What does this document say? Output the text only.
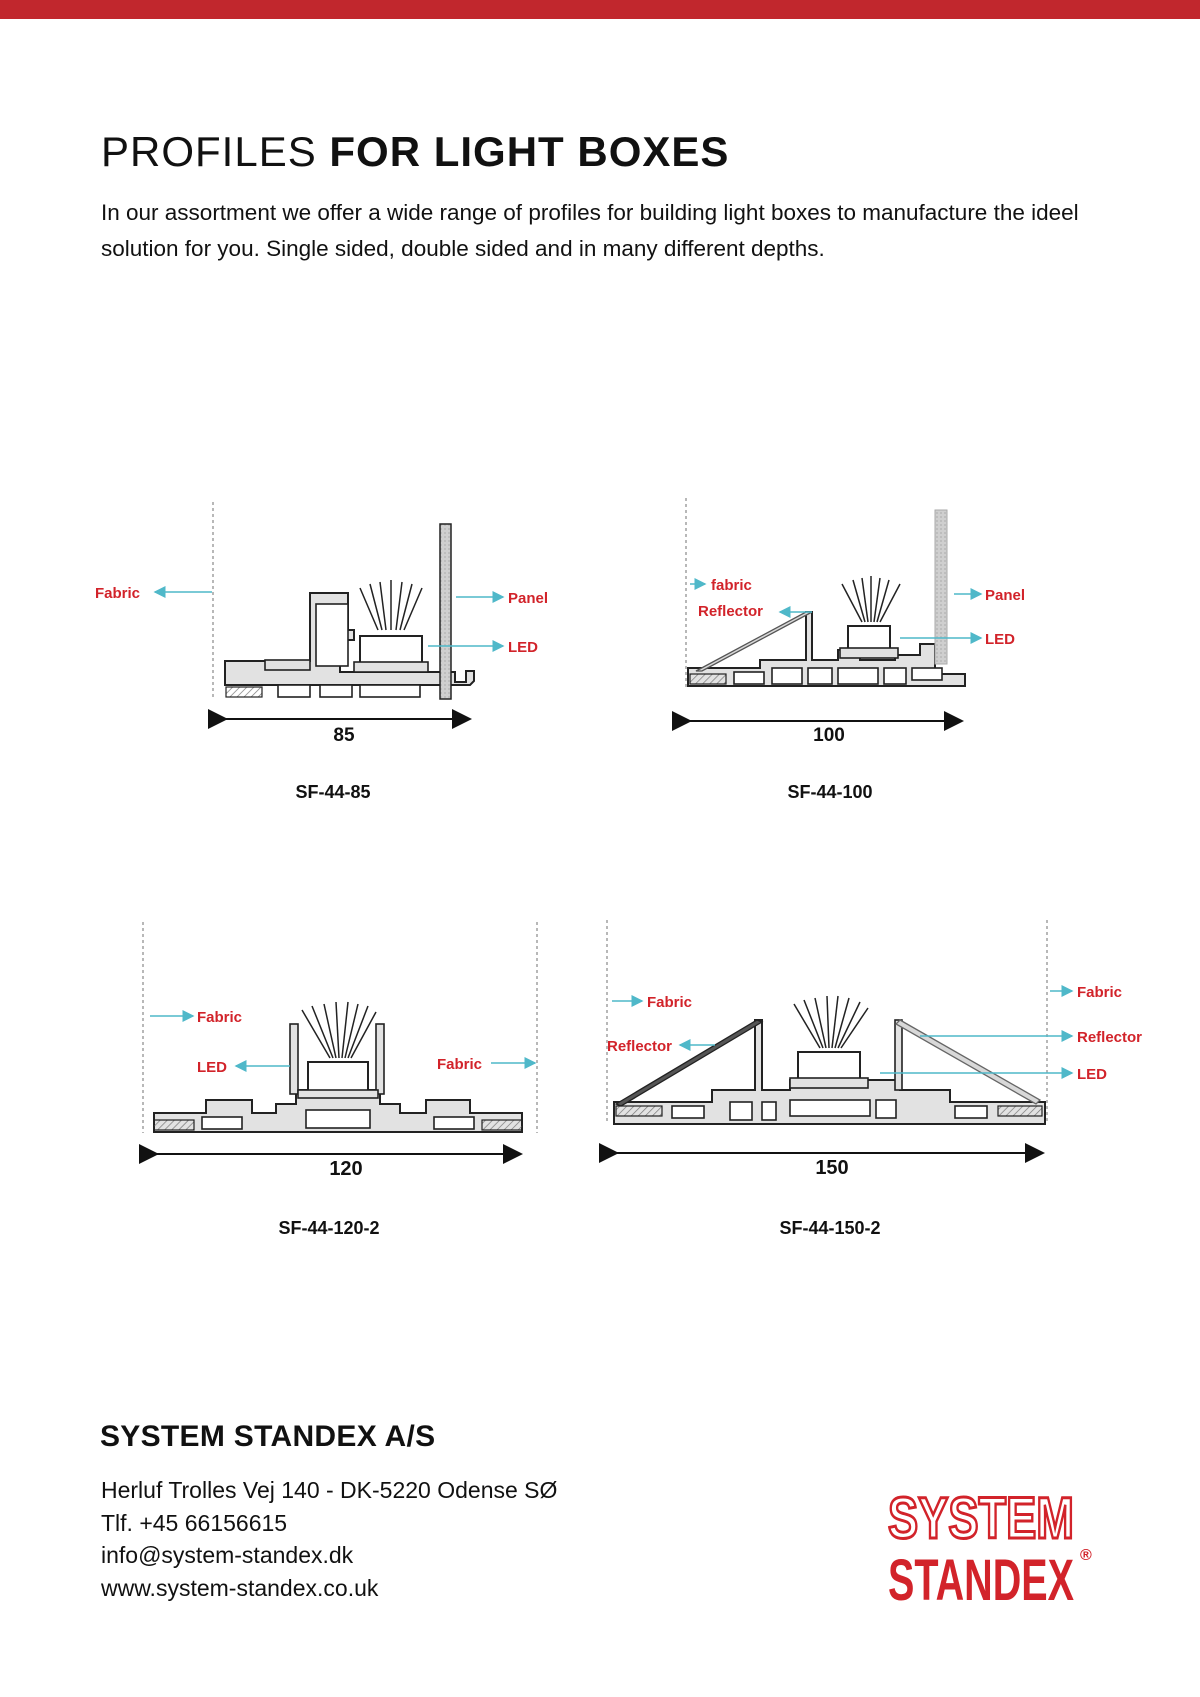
PROFILES FOR LIGHT BOXES
In our assortment we offer a wide range of profiles for building light boxes to manufacture the ideel solution for you. Single sided, double sided and in many different depths.
Fabric	Panel
LED
85
SF-44-85
fabric
Reflector
Panel
LED
100
SF-44-100
Fabric
LED	Fabric
120
SF-44-120-2
Fabric
Reflector
Fabric
Reflector
LED
150
SF-44-150-2
SYSTEM STANDEX A/S
Herluf Trolles Vej 140 - DK-5220 Odense SØ
Tlf. +45 66156615
info@system-standex.dk
www.system-standex.co.uk
SYSTEM
STANDEX ®
